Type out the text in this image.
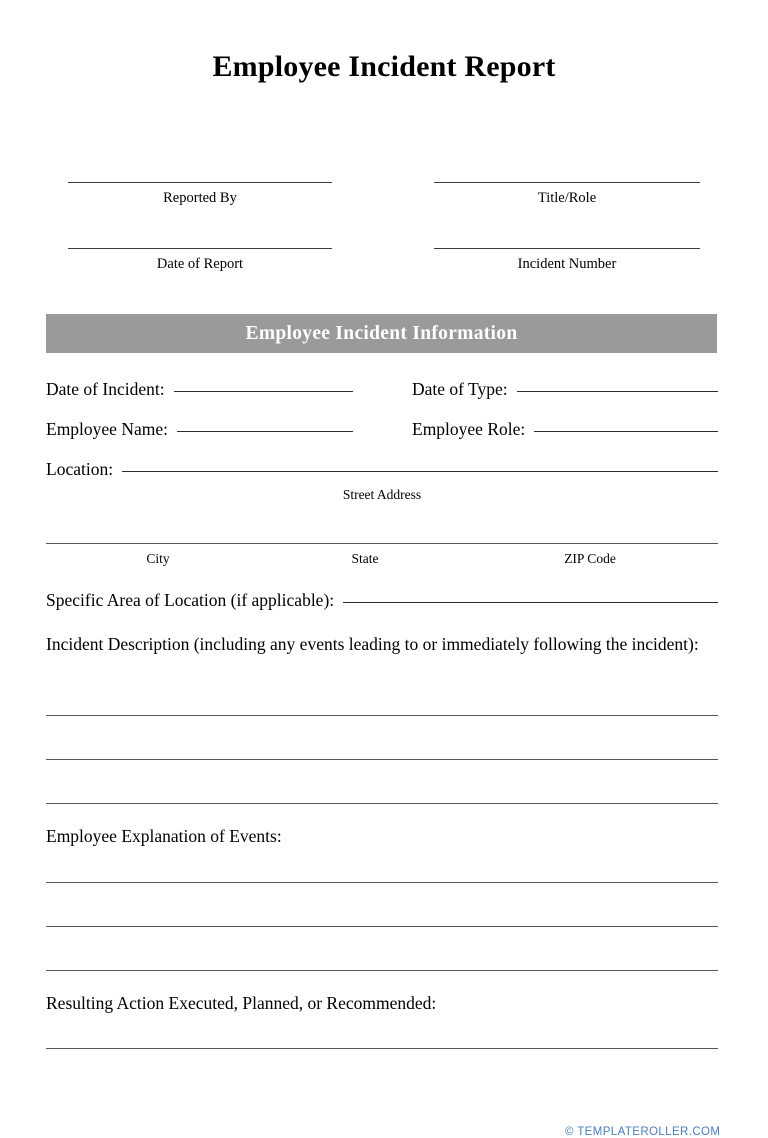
Employee Incident Report
Reported By	Title/Role
Date of Report	Incident Number
Employee Incident Information
Date of Incident:	Date of Type:
Employee Name:	Employee Role:
Location:
Street Address
City	State	ZIP Code
Specific Area of Location (if applicable):
Incident Description (including any events leading to or immediately following the incident):
Employee Explanation of Events:
Resulting Action Executed, Planned, or Recommended:
© TEMPLATEROLLER.COM
